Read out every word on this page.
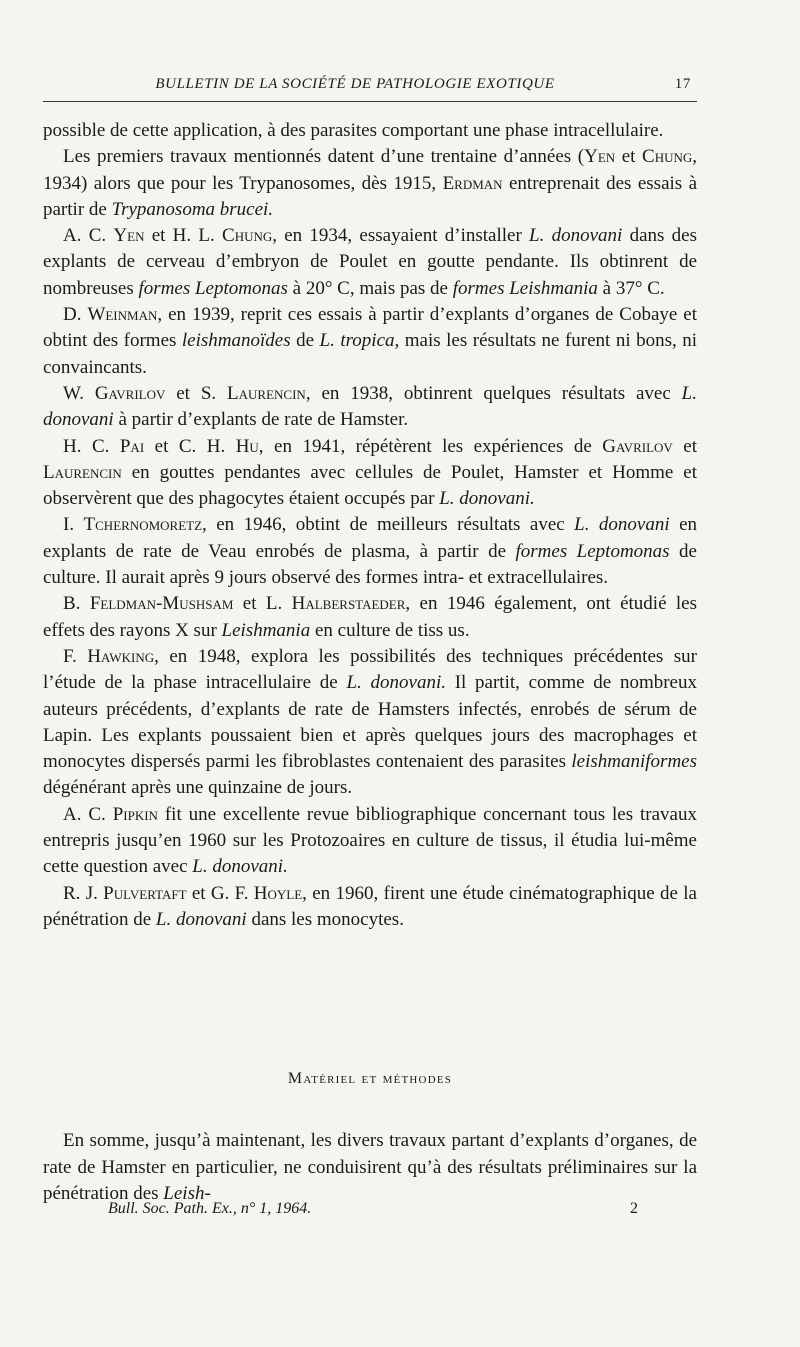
BULLETIN DE LA SOCIÉTÉ DE PATHOLOGIE EXOTIQUE	17

possible de cette application, à des parasites comportant une phase intracellulaire.

Les premiers travaux mentionnés datent d’une trentaine d’années (Yen et Chung, 1934) alors que pour les Trypanosomes, dès 1915, Erdman entreprenait des essais à partir de Trypanosoma brucei.

A. C. Yen et H. L. Chung, en 1934, essayaient d’installer L. donovani dans des explants de cerveau d’embryon de Poulet en goutte pendante. Ils obtinrent de nombreuses formes Leptomonas à 20° C, mais pas de formes Leishmania à 37° C.

D. Weinman, en 1939, reprit ces essais à partir d’explants d’organes de Cobaye et obtint des formes leishmanoïdes de L. tropica, mais les résultats ne furent ni bons, ni convaincants.

W. Gavrilov et S. Laurencin, en 1938, obtinrent quelques résultats avec L. donovani à partir d’explants de rate de Hamster.

H. C. Pai et C. H. Hu, en 1941, répétèrent les expériences de Gavrilov et Laurencin en gouttes pendantes avec cellules de Poulet, Hamster et Homme et observèrent que des phagocytes étaient occupés par L. donovani.

I. Tchernomoretz, en 1946, obtint de meilleurs résultats avec L. donovani en explants de rate de Veau enrobés de plasma, à partir de formes Leptomonas de culture. Il aurait après 9 jours observé des formes intra- et extracellulaires.

B. Feldman-Mushsam et L. Halberstaeder, en 1946 également, ont étudié les effets des rayons X sur Leishmania en culture de tiss us.

F. Hawking, en 1948, explora les possibilités des techniques précédentes sur l’étude de la phase intracellulaire de L. donovani. Il partit, comme de nombreux auteurs précédents, d’explants de rate de Hamsters infectés, enrobés de sérum de Lapin. Les explants poussaient bien et après quelques jours des macrophages et monocytes dispersés parmi les fibroblastes contenaient des parasites leishmaniformes dégénérant après une quinzaine de jours.

A. C. Pipkin fit une excellente revue bibliographique concernant tous les travaux entrepris jusqu’en 1960 sur les Protozoaires en culture de tissus, il étudia lui-même cette question avec L. donovani.

R. J. Pulvertaft et G. F. Hoyle, en 1960, firent une étude cinématographique de la pénétration de L. donovani dans les monocytes.

Matériel et méthodes

En somme, jusqu’à maintenant, les divers travaux partant d’explants d’organes, de rate de Hamster en particulier, ne conduisirent qu’à des résultats préliminaires sur la pénétration des Leish-

Bull. Soc. Path. Ex., n° 1, 1964.	2
